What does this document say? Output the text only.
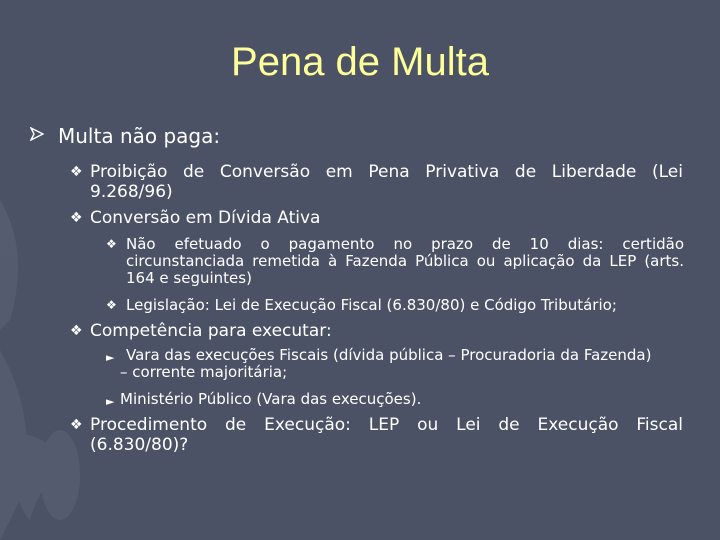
Pena de Multa
Multa não paga:
❖ Proibição de Conversão em Pena Privativa de Liberdade (Lei
9.268/96)
❖ Conversão em Dívida Ativa
❖ Não efetuado o pagamento no prazo de 10 dias: certidão
circunstanciada remetida à Fazenda Pública ou aplicação da LEP (arts.
164 e seguintes)
❖ Legislação: Lei de Execução Fiscal (6.830/80) e Código Tributário;
❖ Competência para executar:
► Vara das execuções Fiscais (dívida pública – Procuradoria da Fazenda)
– corrente majoritária;
► Ministério Público (Vara das execuções).
❖ Procedimento de Execução: LEP ou Lei de Execução Fiscal
(6.830/80)?
